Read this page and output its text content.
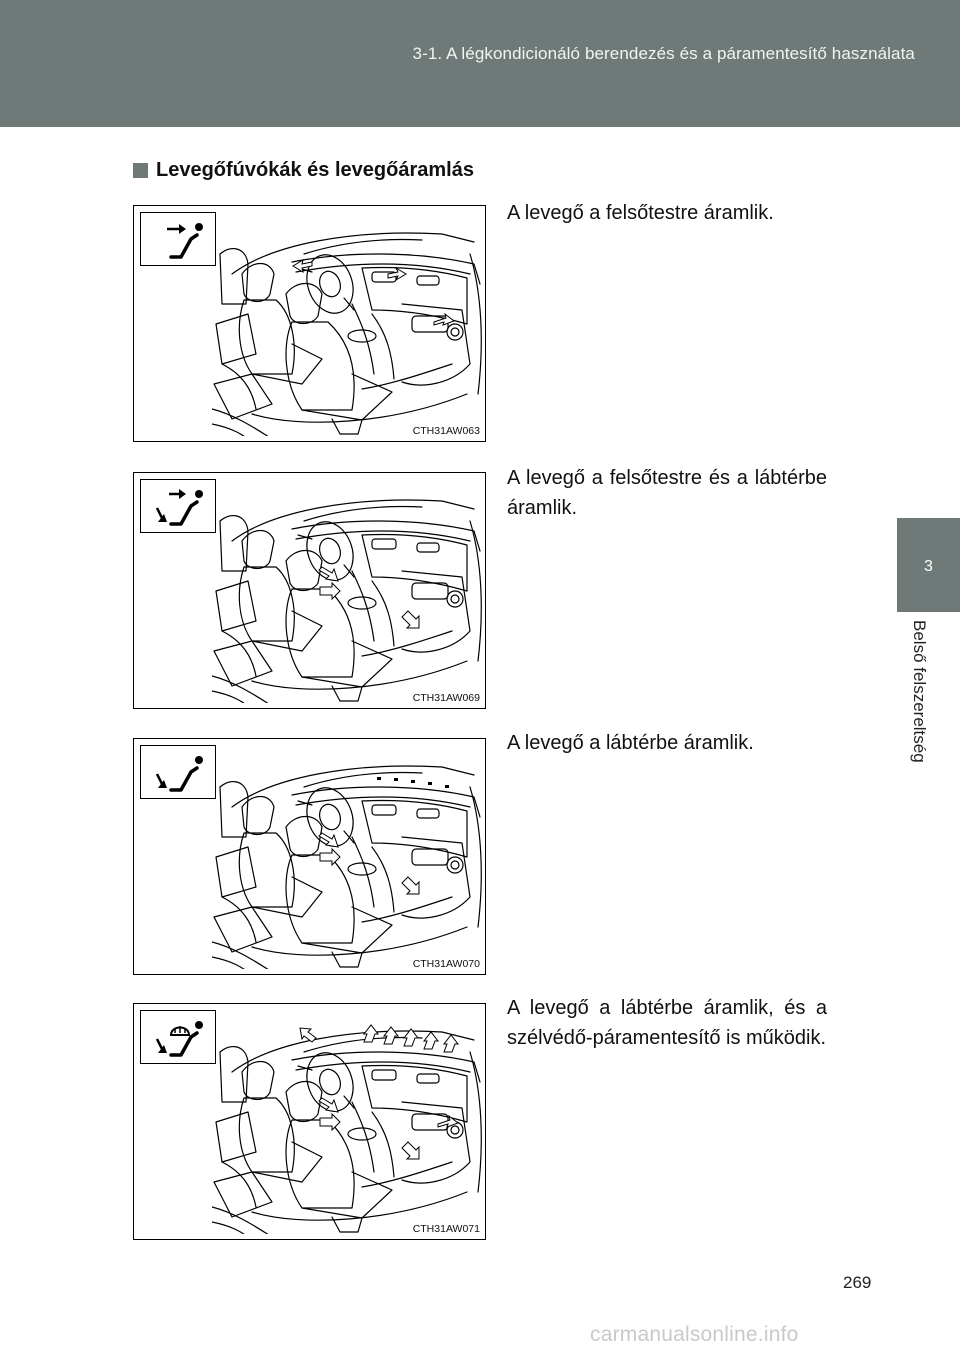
3-1. A légkondicionáló berendezés és a páramentesítő használata
3
Belső felszereltség
Levegőfúvókák és levegőáramlás
CTH31AW063
A levegő a felsőtestre áramlik.
CTH31AW069
A levegő a felsőtestre és a lábtérbe áramlik.
CTH31AW070
A levegő a lábtérbe áramlik.
CTH31AW071
A levegő a lábtérbe áramlik, és a szélvédő-páramentesítő is működik.
269
carmanualsonline.info
